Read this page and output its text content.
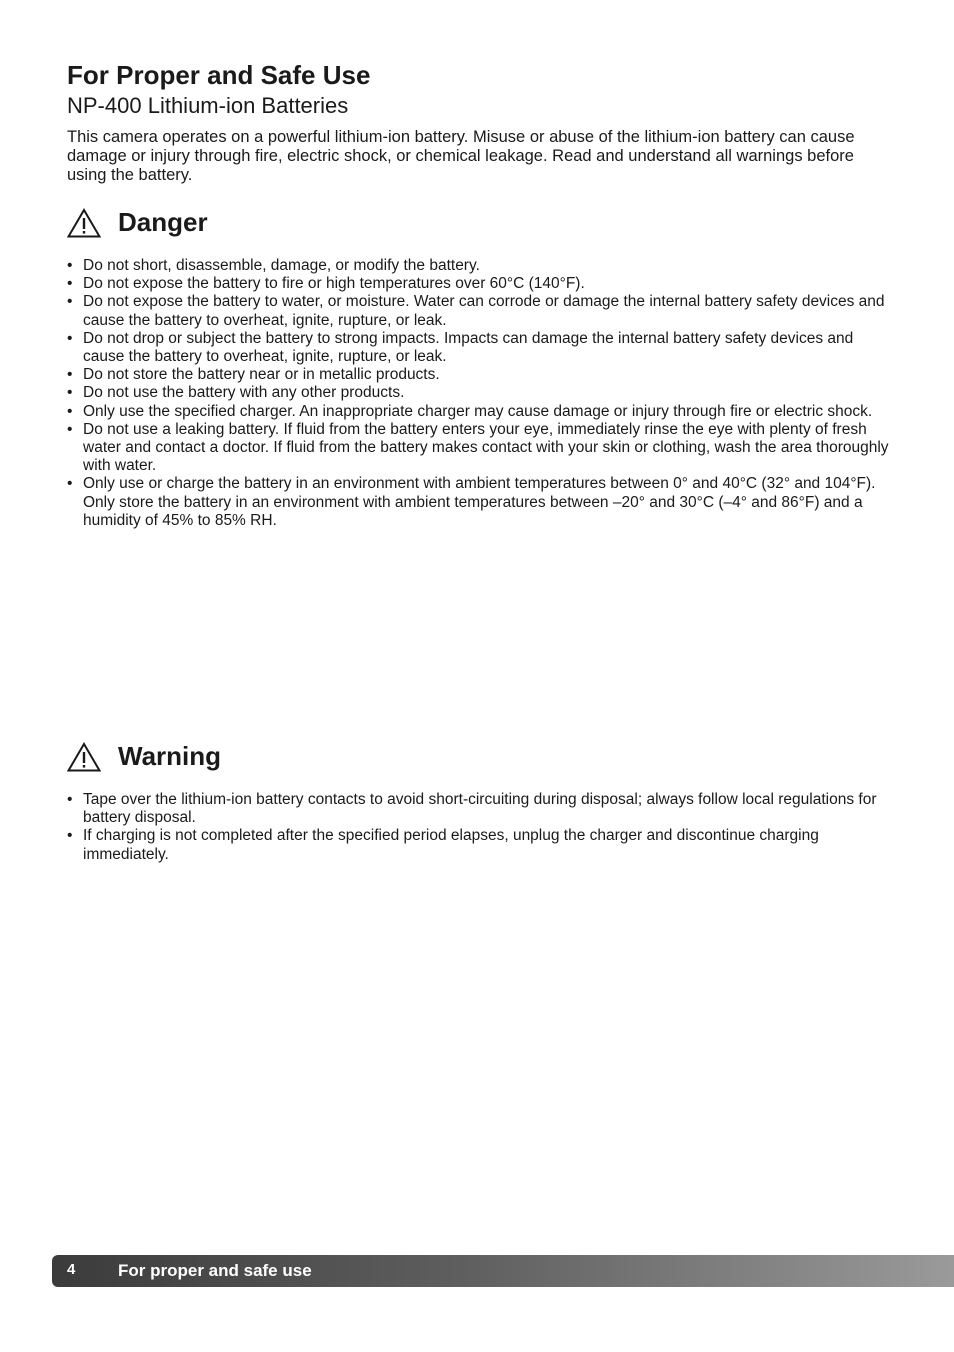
For Proper and Safe Use
NP-400 Lithium-ion Batteries

This camera operates on a powerful lithium-ion battery. Misuse or abuse of the lithium-ion battery can cause damage or injury through fire, electric shock, or chemical leakage. Read and understand all warnings before using the battery.

Danger
• Do not short, disassemble, damage, or modify the battery.
• Do not expose the battery to fire or high temperatures over 60°C (140°F).
• Do not expose the battery to water, or moisture. Water can corrode or damage the internal battery safety devices and cause the battery to overheat, ignite, rupture, or leak.
• Do not drop or subject the battery to strong impacts. Impacts can damage the internal battery safety devices and cause the battery to overheat, ignite, rupture, or leak.
• Do not store the battery near or in metallic products.
• Do not use the battery with any other products.
• Only use the specified charger. An inappropriate charger may cause damage or injury through fire or electric shock.
• Do not use a leaking battery. If fluid from the battery enters your eye, immediately rinse the eye with plenty of fresh water and contact a doctor. If fluid from the battery makes contact with your skin or clothing, wash the area thoroughly with water.
• Only use or charge the battery in an environment with ambient temperatures between 0° and 40°C (32° and 104°F). Only store the battery in an environment with ambient temperatures between –20° and 30°C (–4° and 86°F) and a humidity of 45% to 85% RH.
Warning
• Tape over the lithium-ion battery contacts to avoid short-circuiting during disposal; always follow local regulations for battery disposal.
• If charging is not completed after the specified period elapses, unplug the charger and discontinue charging immediately.
4	For proper and safe use
